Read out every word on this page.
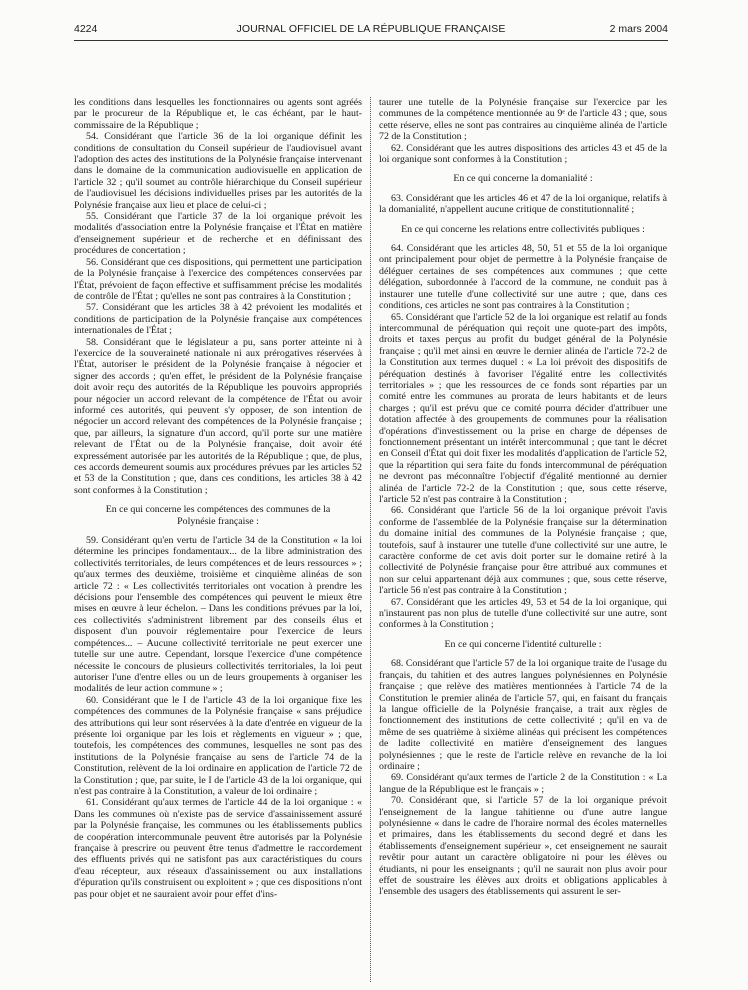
4224	JOURNAL OFFICIEL DE LA RÉPUBLIQUE FRANÇAISE	2 mars 2004

les conditions dans lesquelles les fonctionnaires ou agents sont agréés par le procureur de la République et, le cas échéant, par le haut-commissaire de la République ;

54. Considérant que l'article 36 de la loi organique définit les conditions de consultation du Conseil supérieur de l'audiovisuel avant l'adoption des actes des institutions de la Polynésie française intervenant dans le domaine de la communication audiovisuelle en application de l'article 32 ; qu'il soumet au contrôle hiérarchique du Conseil supérieur de l'audiovisuel les décisions individuelles prises par les autorités de la Polynésie française aux lieu et place de celui-ci ;

55. Considérant que l'article 37 de la loi organique prévoit les modalités d'association entre la Polynésie française et l'État en matière d'enseignement supérieur et de recherche et en définissant des procédures de concertation ;

56. Considérant que ces dispositions, qui permettent une participation de la Polynésie française à l'exercice des compétences conservées par l'État, prévoient de façon effective et suffisamment précise les modalités de contrôle de l'État ; qu'elles ne sont pas contraires à la Constitution ;

57. Considérant que les articles 38 à 42 prévoient les modalités et conditions de participation de la Polynésie française aux compétences internationales de l'État ;

58. Considérant que le législateur a pu, sans porter atteinte ni à l'exercice de la souveraineté nationale ni aux prérogatives réservées à l'État, autoriser le président de la Polynésie française à négocier et signer des accords ; qu'en effet, le président de la Polynésie française doit avoir reçu des autorités de la République les pouvoirs appropriés pour négocier un accord relevant de la compétence de l'État ou avoir informé ces autorités, qui peuvent s'y opposer, de son intention de négocier un accord relevant des compétences de la Polynésie française ; que, par ailleurs, la signature d'un accord, qu'il porte sur une matière relevant de l'État ou de la Polynésie française, doit avoir été expressément autorisée par les autorités de la République ; que, de plus, ces accords demeurent soumis aux procédures prévues par les articles 52 et 53 de la Constitution ; que, dans ces conditions, les articles 38 à 42 sont conformes à la Constitution ;

En ce qui concerne les compétences des communes de la Polynésie française :

59. Considérant qu'en vertu de l'article 34 de la Constitution « la loi détermine les principes fondamentaux... de la libre administration des collectivités territoriales, de leurs compétences et de leurs ressources » ; qu'aux termes des deuxième, troisième et cinquième alinéas de son article 72 : « Les collectivités territoriales ont vocation à prendre les décisions pour l'ensemble des compétences qui peuvent le mieux être mises en œuvre à leur échelon. – Dans les conditions prévues par la loi, ces collectivités s'administrent librement par des conseils élus et disposent d'un pouvoir réglementaire pour l'exercice de leurs compétences... – Aucune collectivité territoriale ne peut exercer une tutelle sur une autre. Cependant, lorsque l'exercice d'une compétence nécessite le concours de plusieurs collectivités territoriales, la loi peut autoriser l'une d'entre elles ou un de leurs groupements à organiser les modalités de leur action commune » ;

60. Considérant que le I de l'article 43 de la loi organique fixe les compétences des communes de la Polynésie française « sans préjudice des attributions qui leur sont réservées à la date d'entrée en vigueur de la présente loi organique par les lois et règlements en vigueur » ; que, toutefois, les compétences des communes, lesquelles ne sont pas des institutions de la Polynésie française au sens de l'article 74 de la Constitution, relèvent de la loi ordinaire en application de l'article 72 de la Constitution ; que, par suite, le I de l'article 43 de la loi organique, qui n'est pas contraire à la Constitution, a valeur de loi ordinaire ;

61. Considérant qu'aux termes de l'article 44 de la loi organique : « Dans les communes où n'existe pas de service d'assainissement assuré par la Polynésie française, les communes ou les établissements publics de coopération intercommunale peuvent être autorisés par la Polynésie française à prescrire ou peuvent être tenus d'admettre le raccordement des effluents privés qui ne satisfont pas aux caractéristiques du cours d'eau récepteur, aux réseaux d'assainissement ou aux installations d'épuration qu'ils construisent ou exploitent » ; que ces dispositions n'ont pas pour objet et ne sauraient avoir pour effet d'ins-

taurer une tutelle de la Polynésie française sur l'exercice par les communes de la compétence mentionnée au 9ᵉ de l'article 43 ; que, sous cette réserve, elles ne sont pas contraires au cinquième alinéa de l'article 72 de la Constitution ;

62. Considérant que les autres dispositions des articles 43 et 45 de la loi organique sont conformes à la Constitution ;

En ce qui concerne la domanialité :

63. Considérant que les articles 46 et 47 de la loi organique, relatifs à la domanialité, n'appellent aucune critique de constitutionnalité ;

En ce qui concerne les relations entre collectivités publiques :

64. Considérant que les articles 48, 50, 51 et 55 de la loi organique ont principalement pour objet de permettre à la Polynésie française de déléguer certaines de ses compétences aux communes ; que cette délégation, subordonnée à l'accord de la commune, ne conduit pas à instaurer une tutelle d'une collectivité sur une autre ; que, dans ces conditions, ces articles ne sont pas contraires à la Constitution ;

65. Considérant que l'article 52 de la loi organique est relatif au fonds intercommunal de péréquation qui reçoit une quote-part des impôts, droits et taxes perçus au profit du budget général de la Polynésie française ; qu'il met ainsi en œuvre le dernier alinéa de l'article 72-2 de la Constitution aux termes duquel : « La loi prévoit des dispositifs de péréquation destinés à favoriser l'égalité entre les collectivités territoriales » ; que les ressources de ce fonds sont réparties par un comité entre les communes au prorata de leurs habitants et de leurs charges ; qu'il est prévu que ce comité pourra décider d'attribuer une dotation affectée à des groupements de communes pour la réalisation d'opérations d'investissement ou la prise en charge de dépenses de fonctionnement présentant un intérêt intercommunal ; que tant le décret en Conseil d'État qui doit fixer les modalités d'application de l'article 52, que la répartition qui sera faite du fonds intercommunal de péréquation ne devront pas méconnaître l'objectif d'égalité mentionné au dernier alinéa de l'article 72-2 de la Constitution ; que, sous cette réserve, l'article 52 n'est pas contraire à la Constitution ;

66. Considérant que l'article 56 de la loi organique prévoit l'avis conforme de l'assemblée de la Polynésie française sur la détermination du domaine initial des communes de la Polynésie française ; que, toutefois, sauf à instaurer une tutelle d'une collectivité sur une autre, le caractère conforme de cet avis doit porter sur le domaine retiré à la collectivité de Polynésie française pour être attribué aux communes et non sur celui appartenant déjà aux communes ; que, sous cette réserve, l'article 56 n'est pas contraire à la Constitution ;

67. Considérant que les articles 49, 53 et 54 de la loi organique, qui n'instaurent pas non plus de tutelle d'une collectivité sur une autre, sont conformes à la Constitution ;

En ce qui concerne l'identité culturelle :

68. Considérant que l'article 57 de la loi organique traite de l'usage du français, du tahitien et des autres langues polynésiennes en Polynésie française ; que relève des matières mentionnées à l'article 74 de la Constitution le premier alinéa de l'article 57, qui, en faisant du français la langue officielle de la Polynésie française, a trait aux règles de fonctionnement des institutions de cette collectivité ; qu'il en va de même de ses quatrième à sixième alinéas qui précisent les compétences de ladite collectivité en matière d'enseignement des langues polynésiennes ; que le reste de l'article relève en revanche de la loi ordinaire ;

69. Considérant qu'aux termes de l'article 2 de la Constitution : « La langue de la République est le français » ;

70. Considérant que, si l'article 57 de la loi organique prévoit l'enseignement de la langue tahitienne ou d'une autre langue polynésienne « dans le cadre de l'horaire normal des écoles maternelles et primaires, dans les établissements du second degré et dans les établissements d'enseignement supérieur », cet enseignement ne saurait revêtir pour autant un caractère obligatoire ni pour les élèves ou étudiants, ni pour les enseignants ; qu'il ne saurait non plus avoir pour effet de soustraire les élèves aux droits et obligations applicables à l'ensemble des usagers des établissements qui assurent le ser-
